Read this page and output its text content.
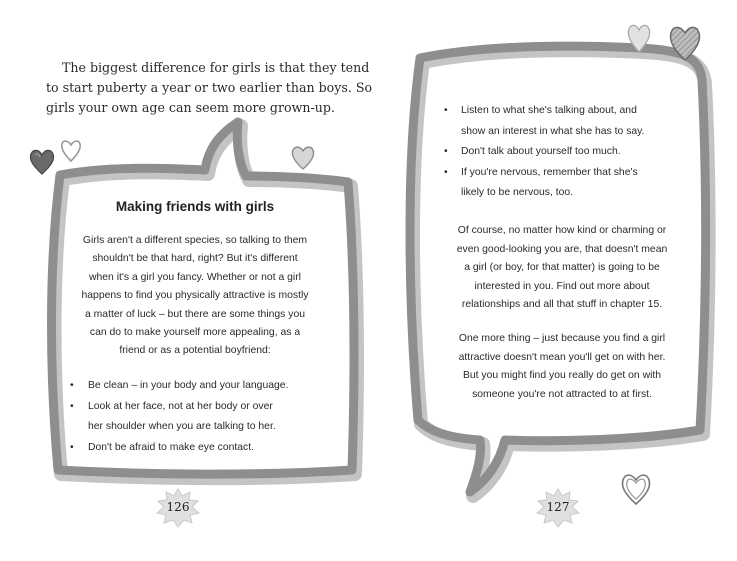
The biggest difference for girls is that they tend
to start puberty a year or two earlier than boys. So
girls your own age can seem more grown-up.

Making friends with girls

Girls aren't a different species, so talking to them
shouldn't be that hard, right? But it's different
when it's a girl you fancy. Whether or not a girl
happens to find you physically attractive is mostly
a matter of luck – but there are some things you
can do to make yourself more appealing, as a
friend or as a potential boyfriend:

• Be clean – in your body and your language.
• Look at her face, not at her body or over
her shoulder when you are talking to her.
• Don't be afraid to make eye contact.
126
• Listen to what she's talking about, and
show an interest in what she has to say.
• Don't talk about yourself too much.
• If you're nervous, remember that she's
likely to be nervous, too.

Of course, no matter how kind or charming or
even good-looking you are, that doesn't mean
a girl (or boy, for that matter) is going to be
interested in you. Find out more about
relationships and all that stuff in chapter 15.

One more thing – just because you find a girl
attractive doesn't mean you'll get on with her.
But you might find you really do get on with
someone you're not attracted to at first.

127
